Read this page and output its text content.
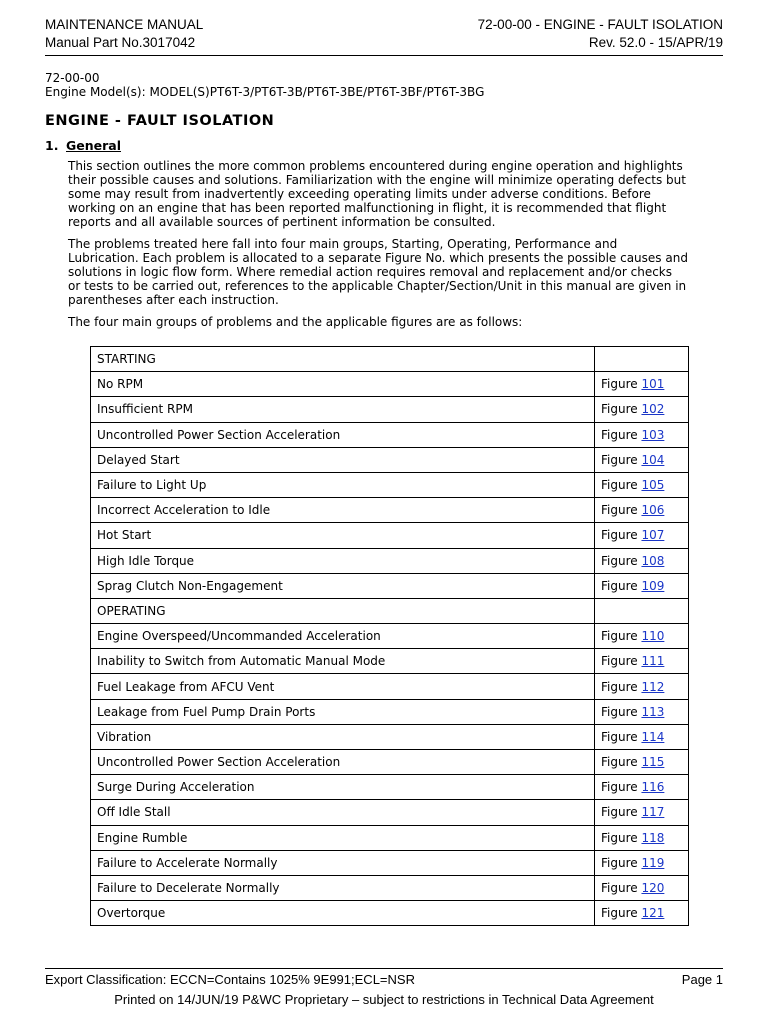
MAINTENANCE MANUAL
Manual Part No.3017042
72-00-00 - ENGINE - FAULT ISOLATION
Rev. 52.0 - 15/APR/19

72-00-00

Engine Model(s): MODEL(S)PT6T-3/PT6T-3B/PT6T-3BE/PT6T-3BF/PT6T-3BG

ENGINE - FAULT ISOLATION

1. General

This section outlines the more common problems encountered during engine operation and highlights their possible causes and solutions. Familiarization with the engine will minimize operating defects but some may result from inadvertently exceeding operating limits under adverse conditions. Before working on an engine that has been reported malfunctioning in flight, it is recommended that flight reports and all available sources of pertinent information be consulted.

The problems treated here fall into four main groups, Starting, Operating, Performance and Lubrication. Each problem is allocated to a separate Figure No. which presents the possible causes and solutions in logic flow form. Where remedial action requires removal and replacement and/or checks or tests to be carried out, references to the applicable Chapter/Section/Unit in this manual are given in parentheses after each instruction.

The four main groups of problems and the applicable figures are as follows:

STARTING	
No RPM	Figure 101
Insufficient RPM	Figure 102
Uncontrolled Power Section Acceleration	Figure 103
Delayed Start	Figure 104
Failure to Light Up	Figure 105
Incorrect Acceleration to Idle	Figure 106
Hot Start	Figure 107
High Idle Torque	Figure 108
Sprag Clutch Non-Engagement	Figure 109
OPERATING	
Engine Overspeed/Uncommanded Acceleration	Figure 110
Inability to Switch from Automatic Manual Mode	Figure 111
Fuel Leakage from AFCU Vent	Figure 112
Leakage from Fuel Pump Drain Ports	Figure 113
Vibration	Figure 114
Uncontrolled Power Section Acceleration	Figure 115
Surge During Acceleration	Figure 116
Off Idle Stall	Figure 117
Engine Rumble	Figure 118
Failure to Accelerate Normally	Figure 119
Failure to Decelerate Normally	Figure 120
Overtorque	Figure 121
Export Classification: ECCN=Contains 1025% 9E991;ECL=NSR	Page 1
Printed on 14/JUN/19 P&WC Proprietary – subject to restrictions in Technical Data Agreement
